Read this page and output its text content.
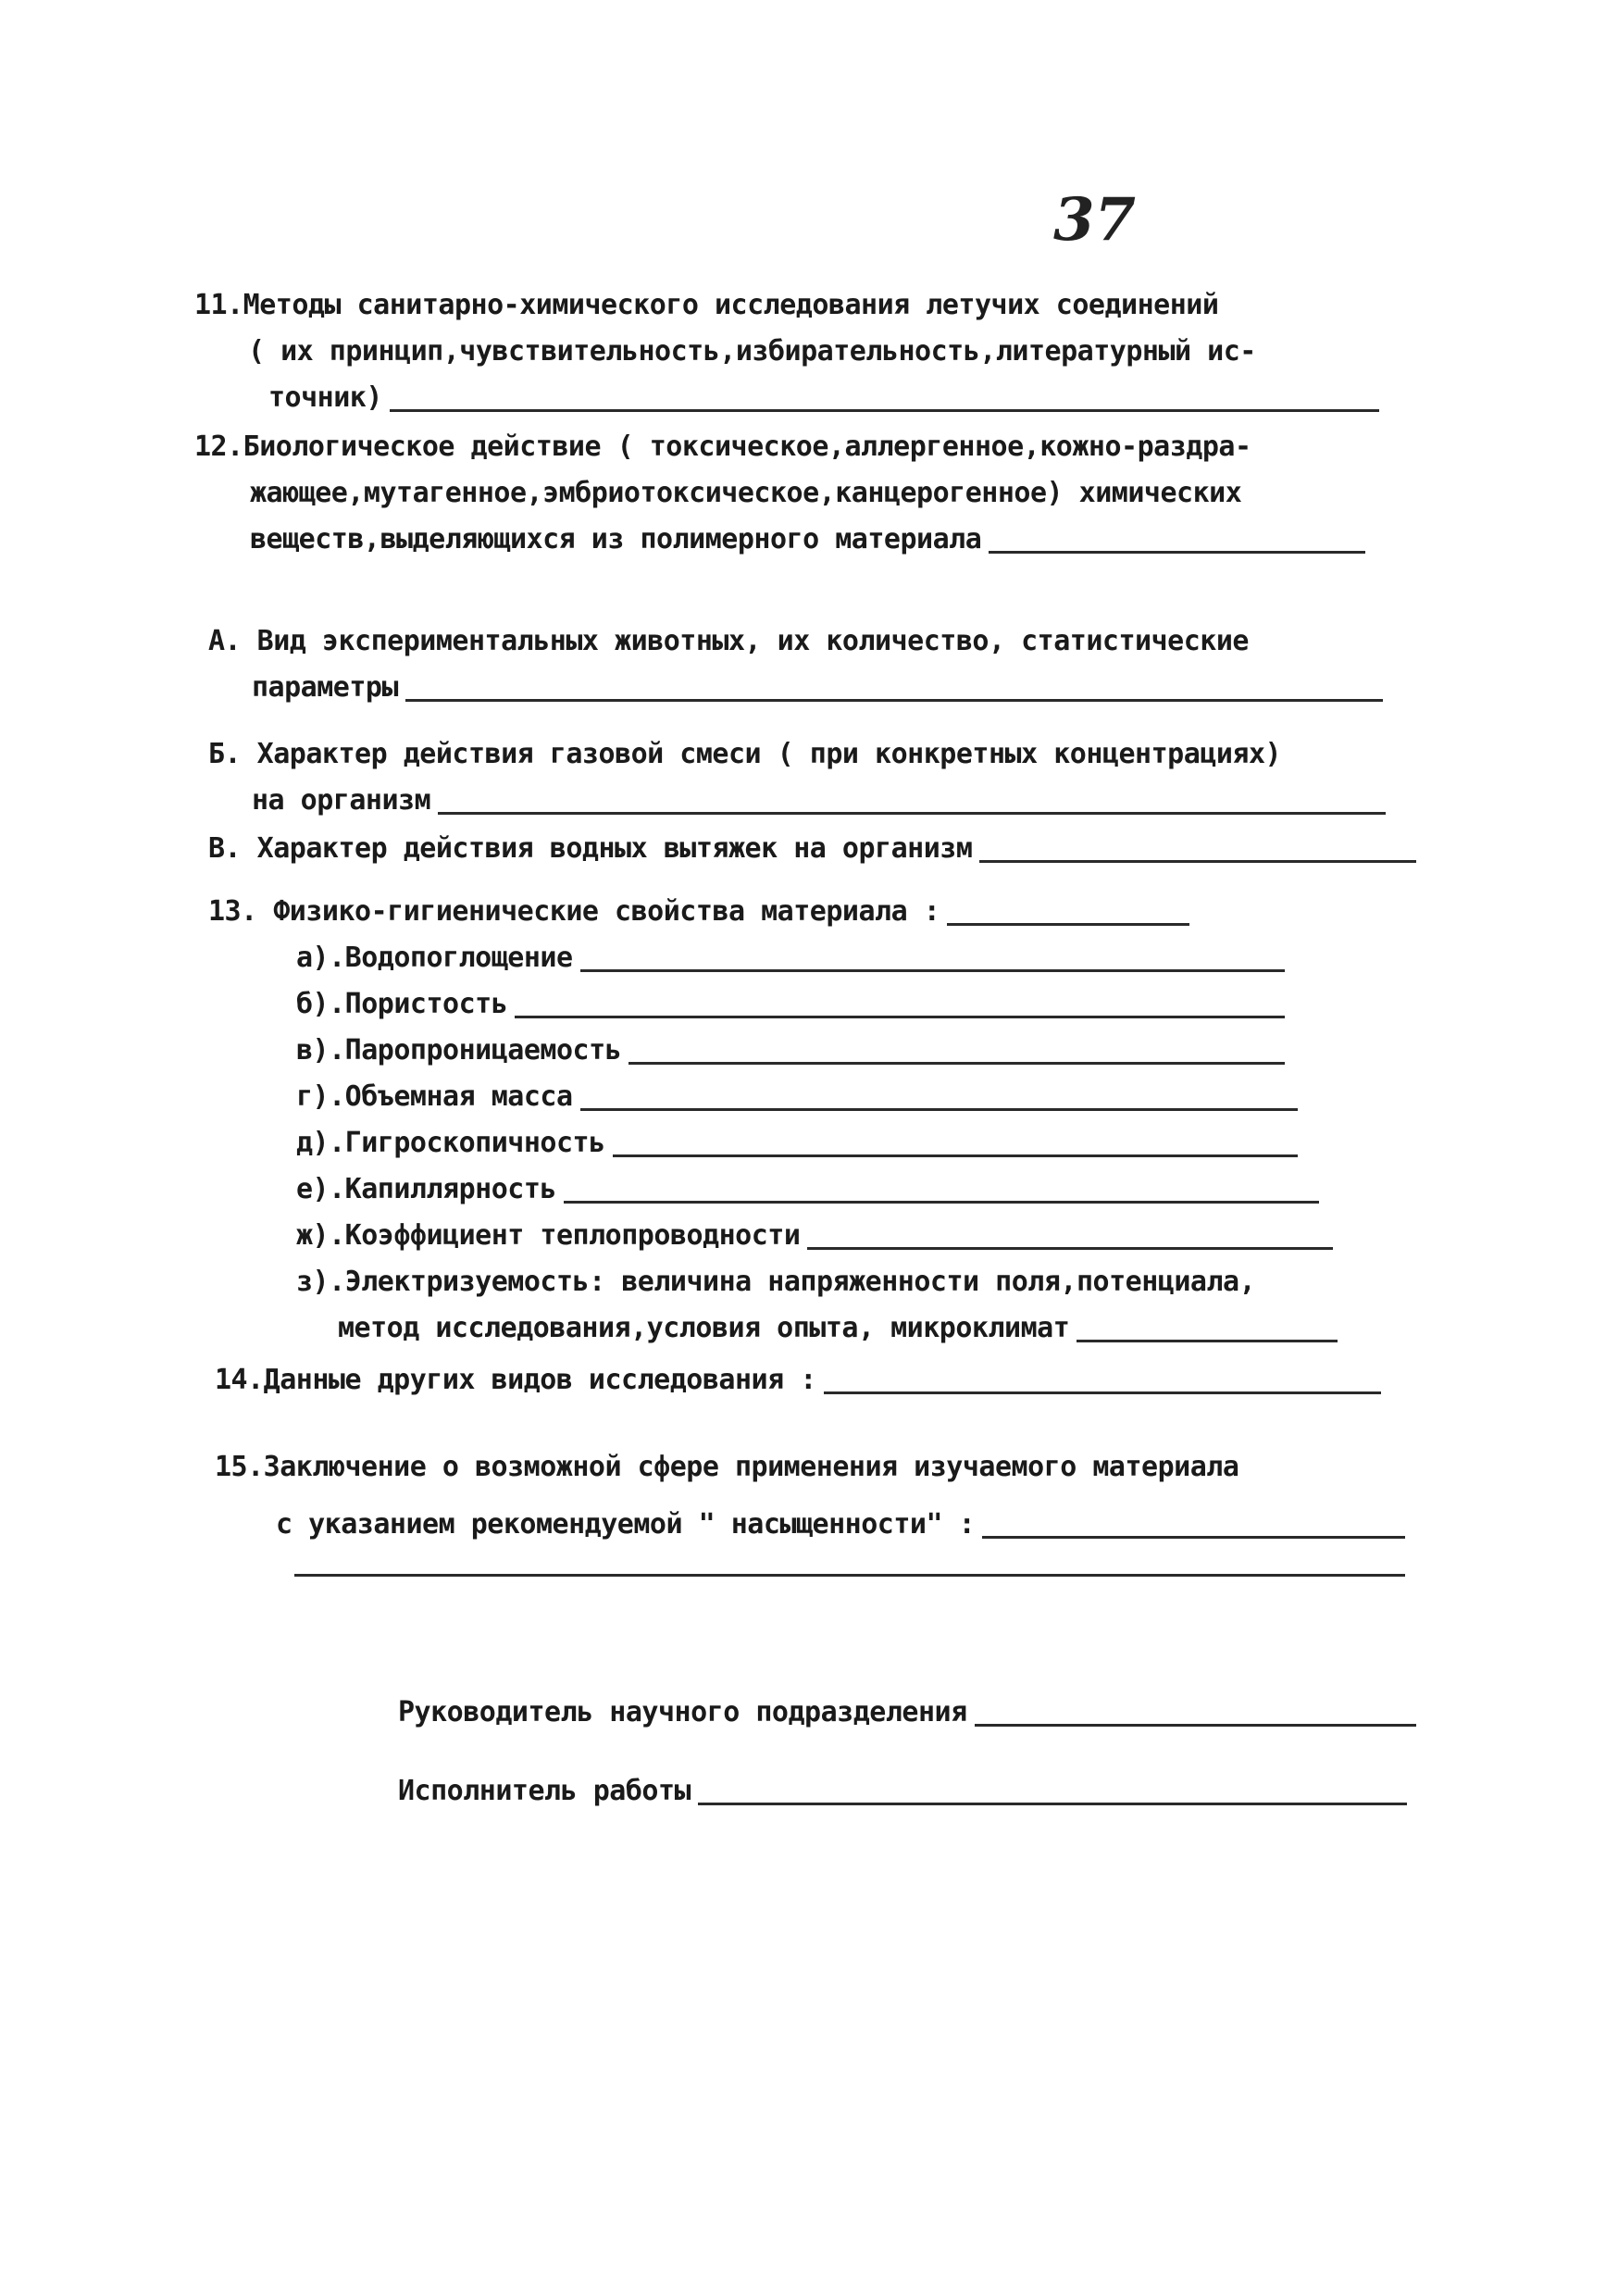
37
11.Методы санитарно-химического исследования летучих соединений
( их принцип,чувствительность,избирательность,литературный ис-
точник)
12.Биологическое действие ( токсическое,аллергенное,кожно-раздра-
жающее,мутагенное,эмбриотоксическое,канцерогенное) химических
веществ,выделяющихся из полимерного материала
А. Вид экспериментальных животных, их количество, статистические
параметры
Б. Характер действия газовой смеси ( при конкретных концентрациях)
на организм
В. Характер действия водных вытяжек на организм
13. Физико-гигиенические свойства материала :
а).Водопоглощение
б).Пористость
в).Паропроницаемость
г).Объемная масса
д).Гигроскопичность
е).Капиллярность
ж).Коэффициент теплопроводности
з).Электризуемость: величина напряженности поля,потенциала,
метод исследования,условия опыта, микроклимат
14.Данные других видов исследования :
15.Заключение о возможной сфере применения изучаемого материала
с указанием рекомендуемой " насыщенности" :
Руководитель научного подразделения
Исполнитель работы
